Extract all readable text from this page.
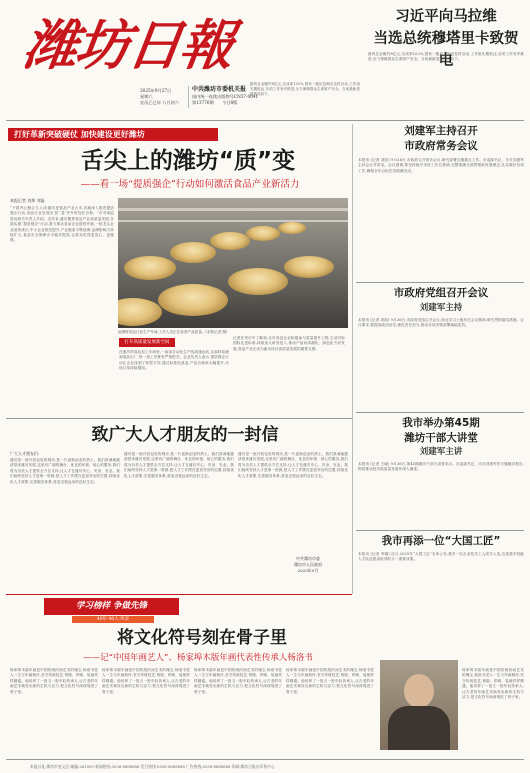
潍坊日報
2025年9月27日
星期六
农历乙巳年 八月初六
中共潍坊市委机关报
国内统一连续出版物号CN37-0041
第13776期　　 今日8版
最终总金额约8亿元,完成率102%,国家一级应急响应及时启动,工作组先期抵达,各项工作有序推进,全力保障群众生命财产安全。当前最新进展情况如下。
习近平向马拉维
当选总统穆塔里卡致贺电
最终总金额约8亿元,完成率102%,国家一级应急响应及时启动,工作组先期抵达,各项工作有序推进,全力保障群众生命财产安全。当前最新进展情况如下。
打好革新突破硬仗 加快建设更好潍坊
舌尖上的潍坊“质”变
——看一场“提质强企”行动如何激活食品产业新活力
本报记者 刘炜 刘磊
“干群齐心聚合力,山东潍坊是食品产业大市,各地深入推进提质强企行动,食品行业呈现出‘质’‘量’齐升的良好态势。”市市场监管局相关负责人介绍。近年来,潍坊聚焦食品产业高质量发展,全面实施“提质强企”行动,着力推动食品企业提档升级,一批龙头企业加快成长,中小企业规范提升,产业链条不断延伸,品牌影响力持续扩大,食品安全保障水平稳步提高,让群众吃得更放心、更健康。
福海特食品行业生产车间,工作人员正在检查产品质量。(本报记者 摄)
打开高质量发展新空间
在潍坊的食品加工车间里,一条条自动化生产线高速运转,从原料检测到成品出厂,每一道工序都有严格把关。企业负责人表示,提质强企行动让企业找到了转型方向,通过标准化改造,产品合格率大幅提升,市场订单持续增加。
记者在采访中了解到,全市食品企业积极参与质量提升工程,主动对标国际先进标准,持续加大研发投入,推动产品向高端化、绿色化方向发展,食品产业正成为潍坊经济高质量发展的重要支撑。
刘建军主持召开
市政府常务会议
本报讯 (记者 刘凯) 9月26日,市政府召开常务会议,研究部署近期重点工作。市委副书记、市长刘建军主持会议并讲话。会议强调,要坚持稳中求进工作总基调,完整准确全面贯彻新发展理念,扎实做好各项工作,确保全年目标任务圆满完成。
市政府党组召开会议
刘建军主持
本报讯 (记者 刘凯) 9月26日,市政府党组召开会议,传达学习上级有关会议精神,研究贯彻落实措施。会议要求,要提高政治站位,强化责任担当,推动各项决策部署落地见效。
我市举办第45期
潍坊干部大讲堂
刘建军主讲
本报讯 (记者 王晓) 9月26日,第45期潍坊干部大讲堂举办。市委副书记、市长刘建军作专题辅导报告,围绕推动经济高质量发展作深入阐述。
我市再添一位“大国工匠”
本报讯 (记者 李娜) 近日,2025年“大国工匠”名单公布,我市一位企业技术工人成功入选,这是我市技能人才队伍建设取得的又一重要成果。
致广大人才朋友的一封信
广大人才朋友们:
潍坊是一座开放包容的城市,是一片创新创业的热土。我们真诚地邀请您来潍坊发展,这里有广阔的舞台、优良的环境、贴心的服务,我们将为各类人才提供全方位支持,让人才在潍坊安心、安身、安业。我们始终坚持人才是第一资源,把人才工作摆在更加突出的位置,持续优化人才政策,完善服务体系,营造近悦远来的良好生态。
潍坊是一座开放包容的城市,是一片创新创业的热土。我们真诚地邀请您来潍坊发展,这里有广阔的舞台、优良的环境、贴心的服务,我们将为各类人才提供全方位支持,让人才在潍坊安心、安身、安业。我们始终坚持人才是第一资源,把人才工作摆在更加突出的位置,持续优化人才政策,完善服务体系,营造近悦远来的良好生态。
潍坊是一座开放包容的城市,是一片创新创业的热土。我们真诚地邀请您来潍坊发展,这里有广阔的舞台、优良的环境、贴心的服务,我们将为各类人才提供全方位支持,让人才在潍坊安心、安身、安业。我们始终坚持人才是第一资源,把人才工作摆在更加突出的位置,持续优化人才政策,完善服务体系,营造近悦远来的良好生态。
中共潍坊市委
潍坊市人民政府
2025年9月
学习榜样 争做先锋
40年·40人·风采
将文化符号刻在骨子里
——记“中国年画艺人”、杨家埠木版年画代表性传承人杨洛书
杨家埠木版年画是中国传统民间艺术的瑰宝,杨洛书老人一生与年画相伴,坚守传统技艺,刻版、印刷、装裱样样精通。他培养了一批又一批年轻传承人,让古老的年画艺术焕发出新的生机与活力,把文化符号深深刻进了骨子里。
杨家埠木版年画是中国传统民间艺术的瑰宝,杨洛书老人一生与年画相伴,坚守传统技艺,刻版、印刷、装裱样样精通。他培养了一批又一批年轻传承人,让古老的年画艺术焕发出新的生机与活力,把文化符号深深刻进了骨子里。
杨家埠木版年画是中国传统民间艺术的瑰宝,杨洛书老人一生与年画相伴,坚守传统技艺,刻版、印刷、装裱样样精通。他培养了一批又一批年轻传承人,让古老的年画艺术焕发出新的生机与活力,把文化符号深深刻进了骨子里。
杨家埠木版年画是中国传统民间艺术的瑰宝,杨洛书老人一生与年画相伴,坚守传统技艺,刻版、印刷、装裱样样精通。他培养了一批又一批年轻传承人,让古老的年画艺术焕发出新的生机与活力,把文化符号深深刻进了骨子里。
杨家埠木版年画是中国传统民间艺术的瑰宝,杨洛书老人一生与年画相伴,坚守传统技艺,刻版、印刷、装裱样样精通。他培养了一批又一批年轻传承人,让古老的年画艺术焕发出新的生机与活力,把文化符号深深刻进了骨子里。
本报社址:潍坊市奎文区 邮编:261000 新闻热线:0536-8888888 发行热线:0536-8888888 广告热线:0536-8888888 印刷:潍坊日报社印务中心
